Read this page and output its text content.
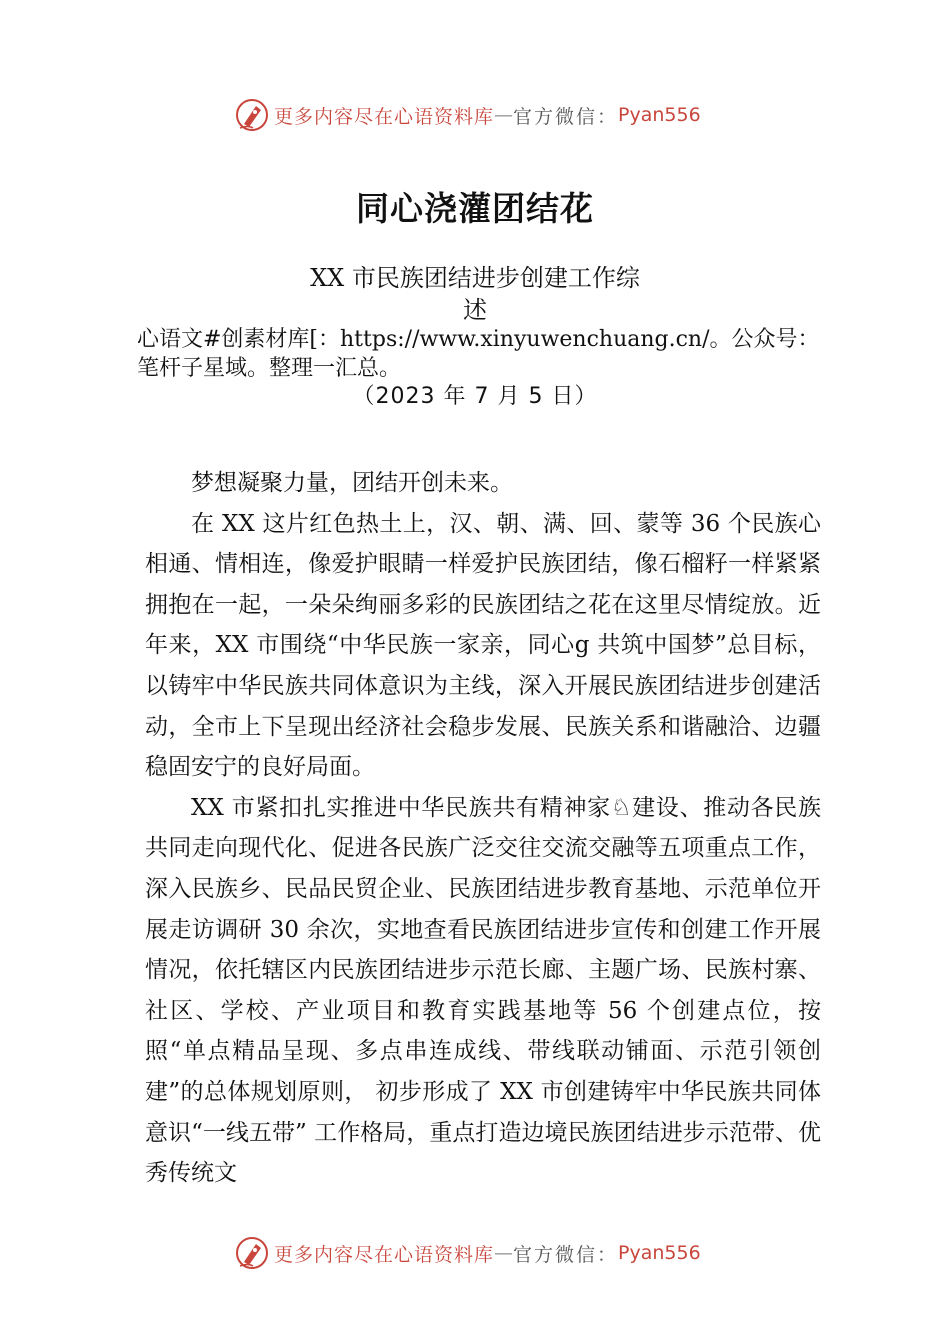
更多内容尽在心语资料库 — 官方微信： Pyan556
同心浇灌团结花
XX 市民族团结进步创建工作综
述
心语文#创素材库[：https://www.xinyuwenchuang.cn/。公众号：笔杆子星域。整理一汇总。
（2023 年 7 月 5 日）

梦想凝聚力量，团结开创未来。

在 XX 这片红色热土上，汉、朝、满、回、蒙等 36 个民族心相通、情相连，像爱护眼睛一样爱护民族团结，像石榴籽一样紧紧拥抱在一起，一朵朵绚丽多彩的民族团结之花在这里尽情绽放。近年来，XX 市围绕“中华民族一家亲，同心g 共筑中国梦”总目标，以铸牢中华民族共同体意识为主线，深入开展民族团结进步创建活动，全市上下呈现出经济社会稳步发展、民族关系和谐融洽、边疆稳固安宁的良好局面。

XX 市紧扣扎实推进中华民族共有精神家♘建设、推动各民族共同走向现代化、促进各民族广泛交往交流交融等五项重点工作，深入民族乡、民品民贸企业、民族团结进步教育基地、示范单位开展走访调研 30 余次，实地查看民族团结进步宣传和创建工作开展情况，依托辖区内民族团结进步示范长廊、主题广场、民族村寨、社区、学校、产业项目和教育实践基地等 56 个创建点位，按照“单点精品呈现、多点串连成线、带线联动铺面、示范引领创建”的总体规划原则， 初步形成了 XX 市创建铸牢中华民族共同体意识“一线五带” 工作格局，重点打造边境民族团结进步示范带、优秀传统文

更多内容尽在心语资料库 — 官方微信： Pyan556
